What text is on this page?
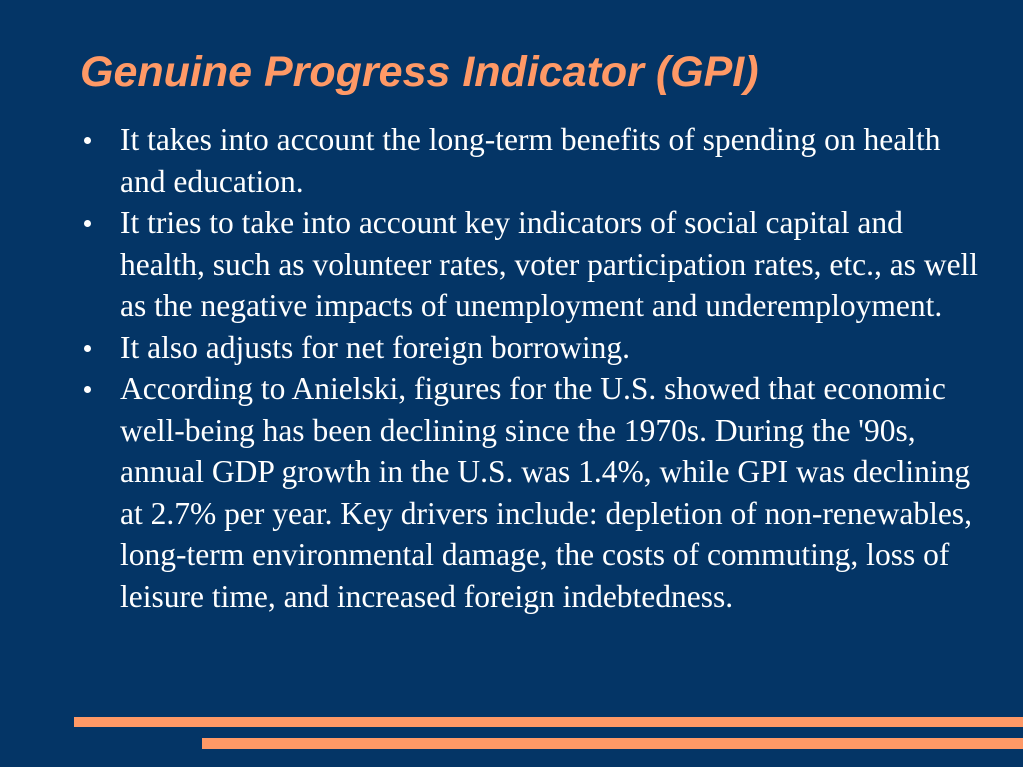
Genuine Progress Indicator (GPI)
It takes into account the long-term benefits of spending on health and education.
It tries to take into account key indicators of social capital and health, such as volunteer rates, voter participation rates, etc., as well as the negative impacts of unemployment and underemployment.
It also adjusts for net foreign borrowing.
According to Anielski, figures for the U.S. showed that economic well-being has been declining since the 1970s. During the '90s, annual GDP growth in the U.S. was 1.4%, while GPI was declining at 2.7% per year. Key drivers include: depletion of non-renewables, long-term environmental damage, the costs of commuting, loss of leisure time, and increased foreign indebtedness.
